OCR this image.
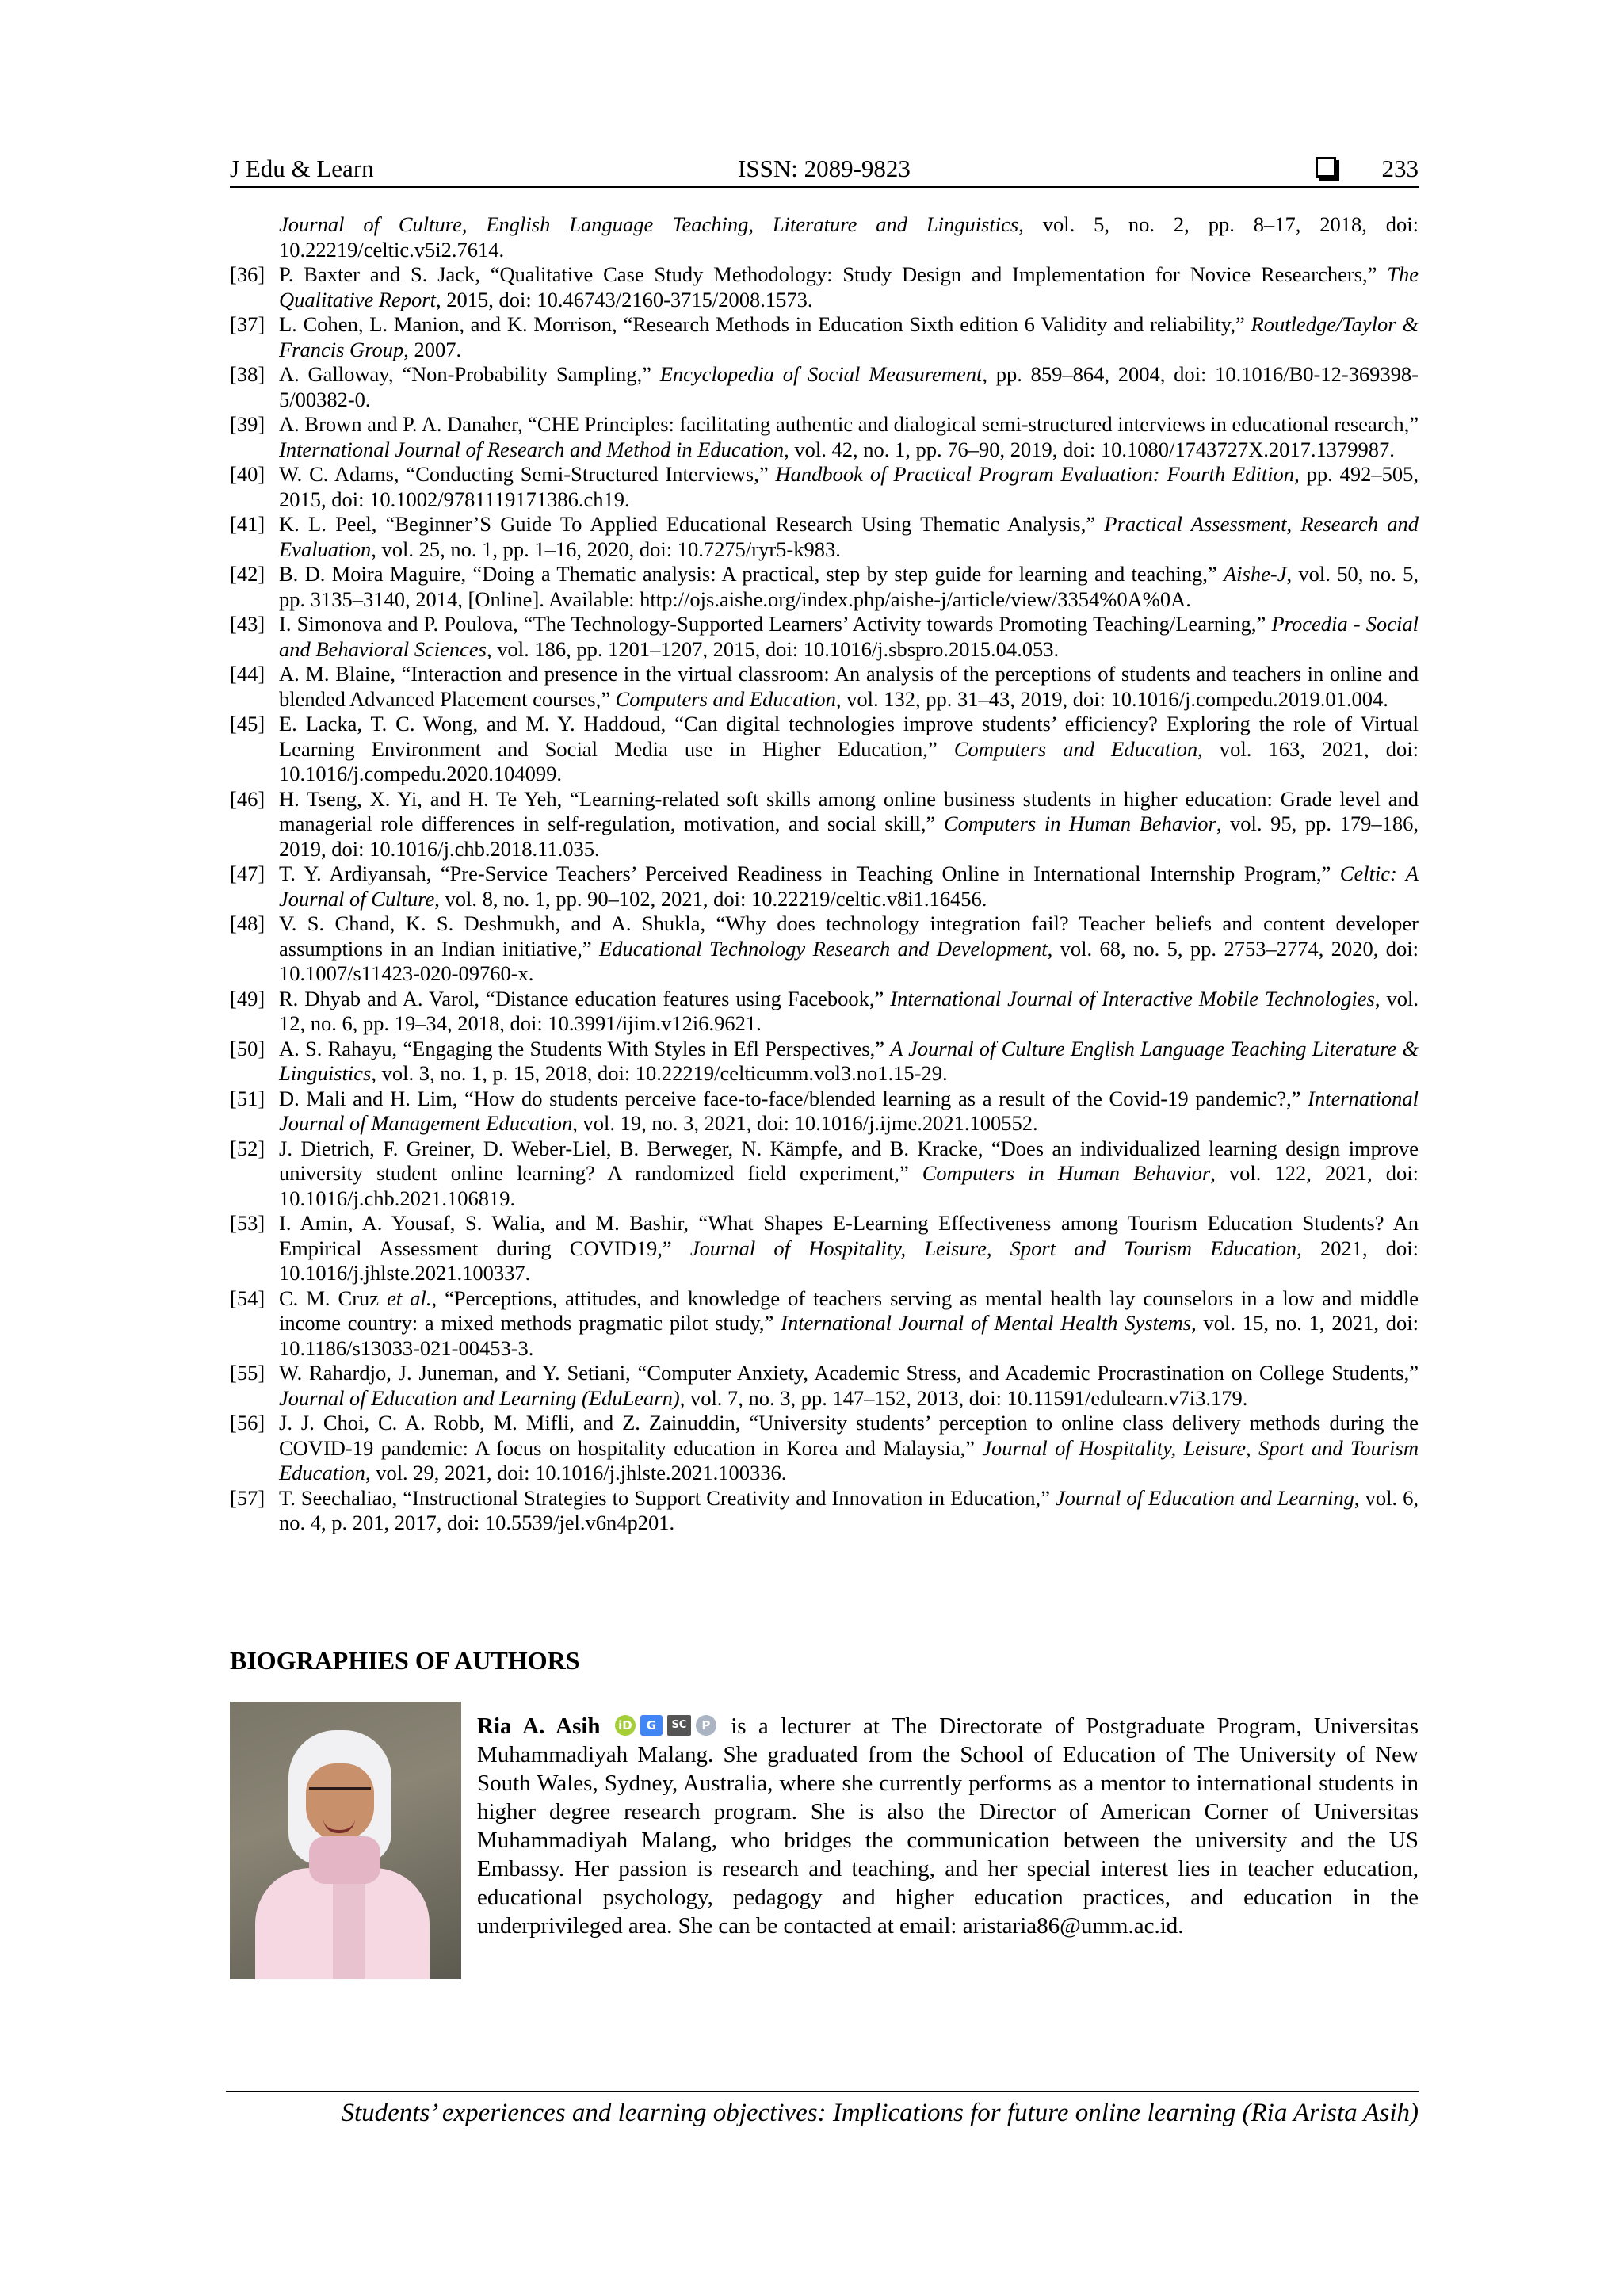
J Edu & Learn	ISSN: 2089-9823	233
Journal of Culture, English Language Teaching, Literature and Linguistics, vol. 5, no. 2, pp. 8–17, 2018, doi: 10.22219/celtic.v5i2.7614.
[36] P. Baxter and S. Jack, “Qualitative Case Study Methodology: Study Design and Implementation for Novice Researchers,” The Qualitative Report, 2015, doi: 10.46743/2160-3715/2008.1573.
[37] L. Cohen, L. Manion, and K. Morrison, “Research Methods in Education Sixth edition 6 Validity and reliability,” Routledge/Taylor & Francis Group, 2007.
[38] A. Galloway, “Non-Probability Sampling,” Encyclopedia of Social Measurement, pp. 859–864, 2004, doi: 10.1016/B0-12-369398-5/00382-0.
[39] A. Brown and P. A. Danaher, “CHE Principles: facilitating authentic and dialogical semi-structured interviews in educational research,” International Journal of Research and Method in Education, vol. 42, no. 1, pp. 76–90, 2019, doi: 10.1080/1743727X.2017.1379987.
[40] W. C. Adams, “Conducting Semi-Structured Interviews,” Handbook of Practical Program Evaluation: Fourth Edition, pp. 492–505, 2015, doi: 10.1002/9781119171386.ch19.
[41] K. L. Peel, “Beginner’S Guide To Applied Educational Research Using Thematic Analysis,” Practical Assessment, Research and Evaluation, vol. 25, no. 1, pp. 1–16, 2020, doi: 10.7275/ryr5-k983.
[42] B. D. Moira Maguire, “Doing a Thematic analysis: A practical, step by step guide for learning and teaching,” Aishe-J, vol. 50, no. 5, pp. 3135–3140, 2014, [Online]. Available: http://ojs.aishe.org/index.php/aishe-j/article/view/3354%0A%0A.
[43] I. Simonova and P. Poulova, “The Technology-Supported Learners’ Activity towards Promoting Teaching/Learning,” Procedia - Social and Behavioral Sciences, vol. 186, pp. 1201–1207, 2015, doi: 10.1016/j.sbspro.2015.04.053.
[44] A. M. Blaine, “Interaction and presence in the virtual classroom: An analysis of the perceptions of students and teachers in online and blended Advanced Placement courses,” Computers and Education, vol. 132, pp. 31–43, 2019, doi: 10.1016/j.compedu.2019.01.004.
[45] E. Lacka, T. C. Wong, and M. Y. Haddoud, “Can digital technologies improve students’ efficiency? Exploring the role of Virtual Learning Environment and Social Media use in Higher Education,” Computers and Education, vol. 163, 2021, doi: 10.1016/j.compedu.2020.104099.
[46] H. Tseng, X. Yi, and H. Te Yeh, “Learning-related soft skills among online business students in higher education: Grade level and managerial role differences in self-regulation, motivation, and social skill,” Computers in Human Behavior, vol. 95, pp. 179–186, 2019, doi: 10.1016/j.chb.2018.11.035.
[47] T. Y. Ardiyansah, “Pre-Service Teachers’ Perceived Readiness in Teaching Online in International Internship Program,” Celtic: A Journal of Culture, vol. 8, no. 1, pp. 90–102, 2021, doi: 10.22219/celtic.v8i1.16456.
[48] V. S. Chand, K. S. Deshmukh, and A. Shukla, “Why does technology integration fail? Teacher beliefs and content developer assumptions in an Indian initiative,” Educational Technology Research and Development, vol. 68, no. 5, pp. 2753–2774, 2020, doi: 10.1007/s11423-020-09760-x.
[49] R. Dhyab and A. Varol, “Distance education features using Facebook,” International Journal of Interactive Mobile Technologies, vol. 12, no. 6, pp. 19–34, 2018, doi: 10.3991/ijim.v12i6.9621.
[50] A. S. Rahayu, “Engaging the Students With Styles in Efl Perspectives,” A Journal of Culture English Language Teaching Literature & Linguistics, vol. 3, no. 1, p. 15, 2018, doi: 10.22219/celticumm.vol3.no1.15-29.
[51] D. Mali and H. Lim, “How do students perceive face-to-face/blended learning as a result of the Covid-19 pandemic?,” International Journal of Management Education, vol. 19, no. 3, 2021, doi: 10.1016/j.ijme.2021.100552.
[52] J. Dietrich, F. Greiner, D. Weber-Liel, B. Berweger, N. Kämpfe, and B. Kracke, “Does an individualized learning design improve university student online learning? A randomized field experiment,” Computers in Human Behavior, vol. 122, 2021, doi: 10.1016/j.chb.2021.106819.
[53] I. Amin, A. Yousaf, S. Walia, and M. Bashir, “What Shapes E-Learning Effectiveness among Tourism Education Students? An Empirical Assessment during COVID19,” Journal of Hospitality, Leisure, Sport and Tourism Education, 2021, doi: 10.1016/j.jhlste.2021.100337.
[54] C. M. Cruz et al., “Perceptions, attitudes, and knowledge of teachers serving as mental health lay counselors in a low and middle income country: a mixed methods pragmatic pilot study,” International Journal of Mental Health Systems, vol. 15, no. 1, 2021, doi: 10.1186/s13033-021-00453-3.
[55] W. Rahardjo, J. Juneman, and Y. Setiani, “Computer Anxiety, Academic Stress, and Academic Procrastination on College Students,” Journal of Education and Learning (EduLearn), vol. 7, no. 3, pp. 147–152, 2013, doi: 10.11591/edulearn.v7i3.179.
[56] J. J. Choi, C. A. Robb, M. Mifli, and Z. Zainuddin, “University students’ perception to online class delivery methods during the COVID-19 pandemic: A focus on hospitality education in Korea and Malaysia,” Journal of Hospitality, Leisure, Sport and Tourism Education, vol. 29, 2021, doi: 10.1016/j.jhlste.2021.100336.
[57] T. Seechaliao, “Instructional Strategies to Support Creativity and Innovation in Education,” Journal of Education and Learning, vol. 6, no. 4, p. 201, 2017, doi: 10.5539/jel.v6n4p201.
BIOGRAPHIES OF AUTHORS
Ria A. Asih iD G SC P is a lecturer at The Directorate of Postgraduate Program, Universitas Muhammadiyah Malang. She graduated from the School of Education of The University of New South Wales, Sydney, Australia, where she currently performs as a mentor to international students in higher degree research program. She is also the Director of American Corner of Universitas Muhammadiyah Malang, who bridges the communication between the university and the US Embassy. Her passion is research and teaching, and her special interest lies in teacher education, educational psychology, pedagogy and higher education practices, and education in the underprivileged area. She can be contacted at email: aristaria86@umm.ac.id.
Students’ experiences and learning objectives: Implications for future online learning (Ria Arista Asih)
